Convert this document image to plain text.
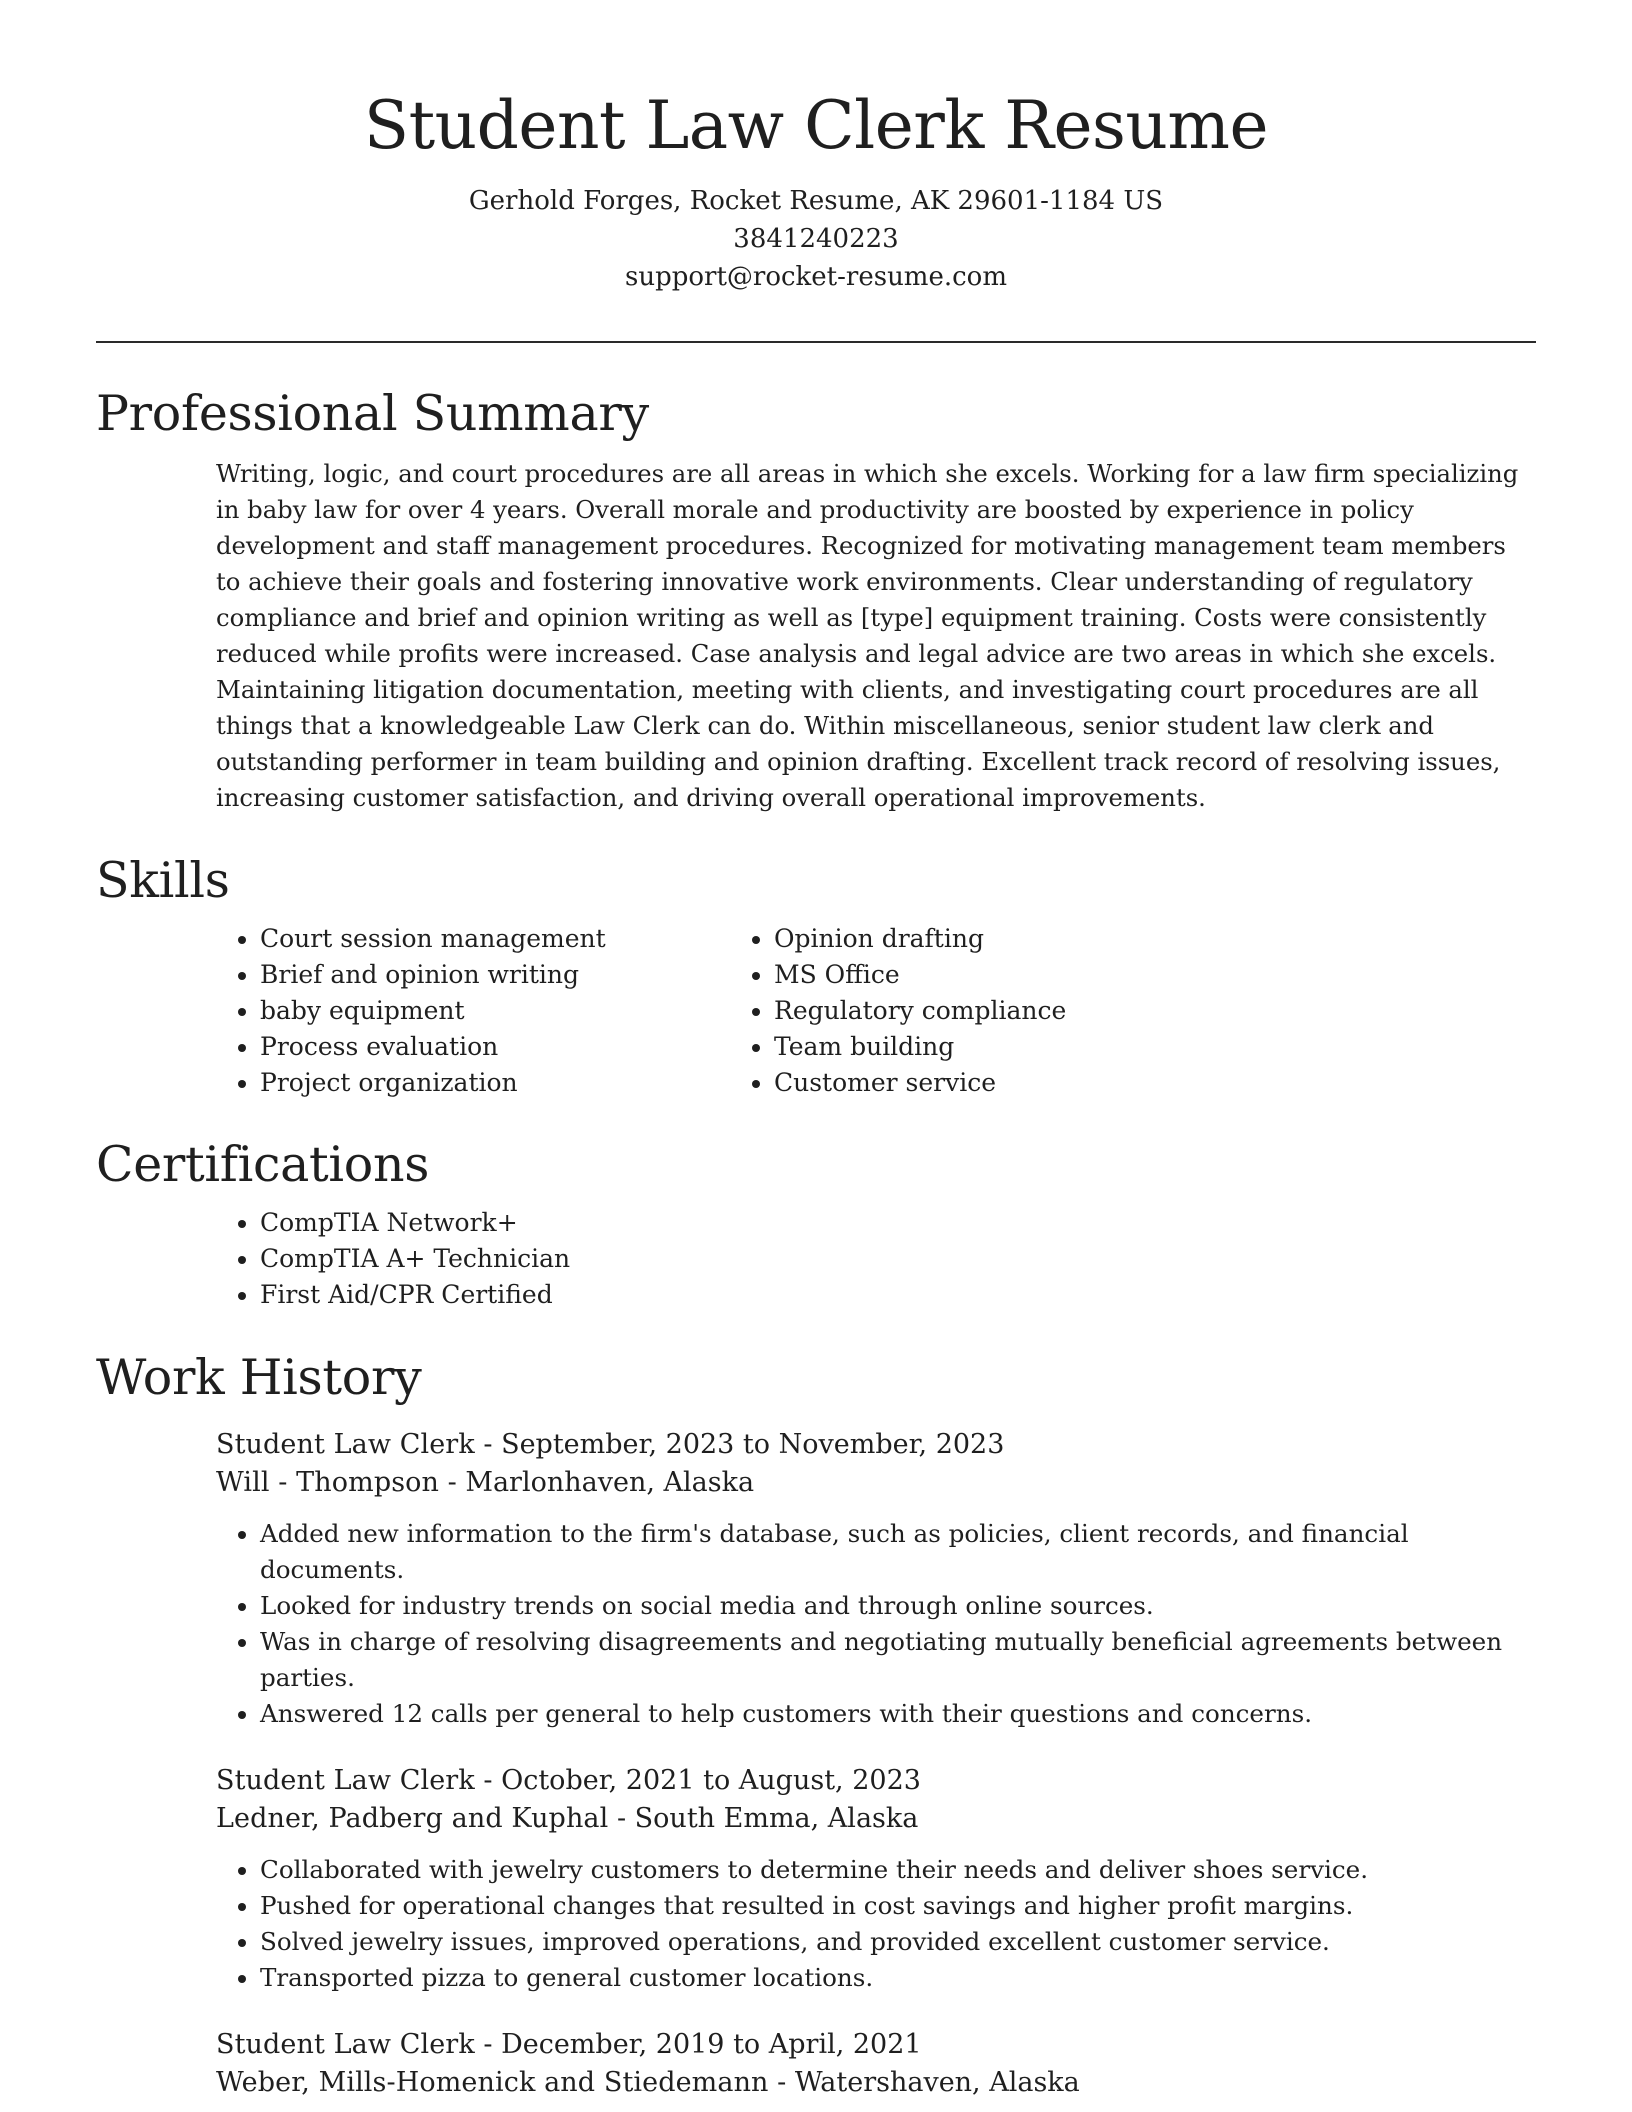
Student Law Clerk Resume
Gerhold Forges, Rocket Resume, AK 29601-1184 US
3841240223
support@rocket-resume.com
Professional Summary

Writing, logic, and court procedures are all areas in which she excels. Working for a law firm specializing in baby law for over 4 years. Overall morale and productivity are boosted by experience in policy development and staff management procedures. Recognized for motivating management team members to achieve their goals and fostering innovative work environments. Clear understanding of regulatory compliance and brief and opinion writing as well as [type] equipment training. Costs were consistently reduced while profits were increased. Case analysis and legal advice are two areas in which she excels. Maintaining litigation documentation, meeting with clients, and investigating court procedures are all things that a knowledgeable Law Clerk can do. Within miscellaneous, senior student law clerk and outstanding performer in team building and opinion drafting. Excellent track record of resolving issues, increasing customer satisfaction, and driving overall operational improvements.

Skills
• Court session management
• Brief and opinion writing
• baby equipment
• Process evaluation
• Project organization
• Opinion drafting
• MS Office
• Regulatory compliance
• Team building
• Customer service
Certifications
• CompTIA Network+
• CompTIA A+ Technician
• First Aid/CPR Certified
Work History
Student Law Clerk - September, 2023 to November, 2023
Will - Thompson - Marlonhaven, Alaska
• Added new information to the firm's database, such as policies, client records, and financial documents.
• Looked for industry trends on social media and through online sources.
• Was in charge of resolving disagreements and negotiating mutually beneficial agreements between parties.
• Answered 12 calls per general to help customers with their questions and concerns.
Student Law Clerk - October, 2021 to August, 2023
Ledner, Padberg and Kuphal - South Emma, Alaska
• Collaborated with jewelry customers to determine their needs and deliver shoes service.
• Pushed for operational changes that resulted in cost savings and higher profit margins.
• Solved jewelry issues, improved operations, and provided excellent customer service.
• Transported pizza to general customer locations.
Student Law Clerk - December, 2019 to April, 2021
Weber, Mills-Homenick and Stiedemann - Watershaven, Alaska
